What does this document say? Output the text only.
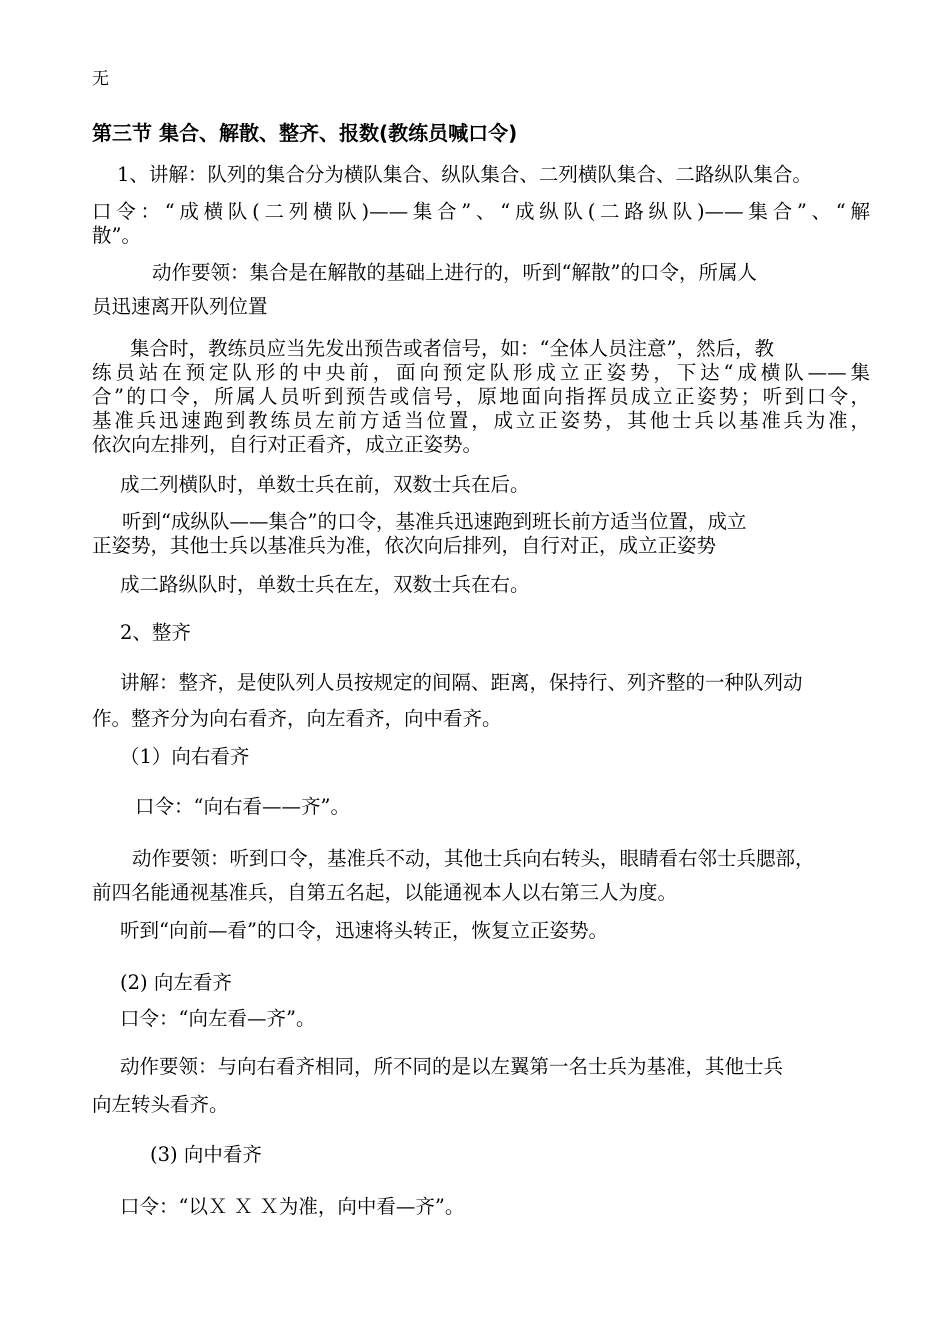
无
第三节 集合、解散、整齐、报数(教练员喊口令)
1、讲解：队列的集合分为横队集合、纵队集合、二列横队集合、二路纵队集合。
口令：“成横队(二列横队)——集合”、“成纵队(二路纵队)——集合”、“解
散”。
动作要领：集合是在解散的基础上进行的，听到“解散”的口令，所属人
员迅速离开队列位置
集合时，教练员应当先发出预告或者信号，如：“全体人员注意”，然后，教
练员站在预定队形的中央前，面向预定队形成立正姿势，下达“成横队——集
合”的口令，所属人员听到预告或信号，原地面向指挥员成立正姿势；听到口令，
基准兵迅速跑到教练员左前方适当位置，成立正姿势，其他士兵以基准兵为准，
依次向左排列，自行对正看齐，成立正姿势。
成二列横队时，单数士兵在前，双数士兵在后。
听到“成纵队——集合”的口令，基准兵迅速跑到班长前方适当位置，成立
正姿势，其他士兵以基准兵为准，依次向后排列，自行对正，成立正姿势
成二路纵队时，单数士兵在左，双数士兵在右。
2、整齐
讲解：整齐，是使队列人员按规定的间隔、距离，保持行、列齐整的一种队列动
作。整齐分为向右看齐，向左看齐，向中看齐。
（1）向右看齐
口令：“向右看——齐”。
动作要领：听到口令，基准兵不动，其他士兵向右转头，眼睛看右邻士兵腮部，
前四名能通视基准兵，自第五名起，以能通视本人以右第三人为度。
听到“向前—看”的口令，迅速将头转正，恢复立正姿势。
(2) 向左看齐
口令：“向左看—齐”。
动作要领：与向右看齐相同，所不同的是以左翼第一名士兵为基准，其他士兵
向左转头看齐。
(3) 向中看齐
口令：“以Ｘ Ｘ Ｘ为准，向中看—齐”。
